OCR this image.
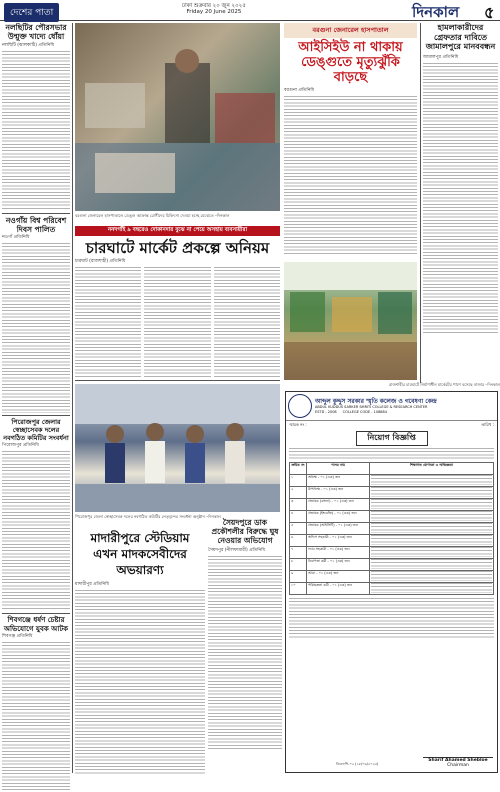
দেশের পাতা
ঢাকা শুক্রবার ২০ জুন ২০২৫
Friday 20 June 2025	দিনকাল ৫
নলছিটির পৌরসভার উন্মুক্ত খাদ্যে ধোঁয়া
নলছিটি (ঝালকাঠি) প্রতিনিধি
নওগাঁয় বিশ্ব পরিবেশ দিবস পালিত
নওগাঁ প্রতিনিধি
পিরোজপুর জেলার স্বেচ্ছাসেবক দলের নবগঠিত কমিটির সংবর্ধনা
পিরোজপুর প্রতিনিধি
শিবগঞ্জে ধর্ষণ চেষ্টার অভিযোগে যুবক আটক
শিবগঞ্জ প্রতিনিধি
বরগুনা জেনারেল হাসপাতালে ডেঙ্গু আক্রান্ত রোগীদের চিকিৎসা দেওয়া হচ্ছে মেঝেতে –দিনকাল
বরগুনা জেনারেল হাসপাতাল
আইসিইউ না থাকায়
ডেঙ্গুতে মৃত্যুঝুঁকি
বাড়ছে
বরগুনা প্রতিনিধি
হামলাকারীদের গ্রেফতার দাবিতে জামালপুরে মানববন্ধন
জামালপুর প্রতিনিধি
ননদগাঁই ৯ বছরেও দোকানদার বুঝে না পেয়ে অসহায় ব্যবসায়ীরা
চারঘাটে মার্কেট প্রকল্পে অনিয়ম
চারঘাট (রাজশাহী) প্রতিনিধি
রাজশাহীর চারঘাটে নির্মাণাধীন মার্কেটের পাশে বসেছে বাজার –দিনকাল
পিরোজপুর জেলা স্বেচ্ছাসেবক দলের নবগঠিত কমিটির নেতৃবৃন্দের সংবর্ধনা অনুষ্ঠান –দিনকাল
মাদারীপুরে স্টেডিয়াম
এখন মাদকসেবীদের
অভয়ারণ্য
মাদারীপুর প্রতিনিধি
সৈয়দপুরে ডাক প্রকৌশলীর বিরুদ্ধে ঘুষ নেওয়ার অভিযোগ
সৈয়দপুর (নীলফামারী) প্রতিনিধি
আব্দুল কুদ্দুস সরকার স্মৃতি কলেজ ও গবেষণা কেন্দ্র
ABDUL KUDDUS SARKER SMRITI COLLEGE & RESEARCH CENTER
ESTD - 2008 COLLEGE CODE - 108884
স্মারক নং :	তারিখ :
নিয়োগ বিজ্ঞপ্তি
ক্রমিক নং	পদের নাম	শিক্ষাগত যোগ্যতা ও অভিজ্ঞতা
১	অধ্যক্ষ - ০১ (এক) জন	

২	উপাধ্যক্ষ - ০১ (এক) জন	

৩	প্রভাষক (বাংলা) - ০১ (এক) জন	

৪	প্রভাষক (ইংরেজি) - ০১ (এক) জন	

৫	প্রভাষক (আইসিটি) - ০১ (এক) জন	

৬	অফিস সহকারী - ০১ (এক) জন	

৭	ল্যাব সহকারী - ০১ (এক) জন	

৮	নিরাপত্তা কর্মী - ০১ (এক) জন	

৯	আয়া - ০১ (এক) জন	

১০	পরিচ্ছন্নতা কর্মী - ০১ (এক) জন	
Sharif Ahamed Shebloe
Chairman
ডিএফপি-০২ (১৮/০৬/২০২৫)
